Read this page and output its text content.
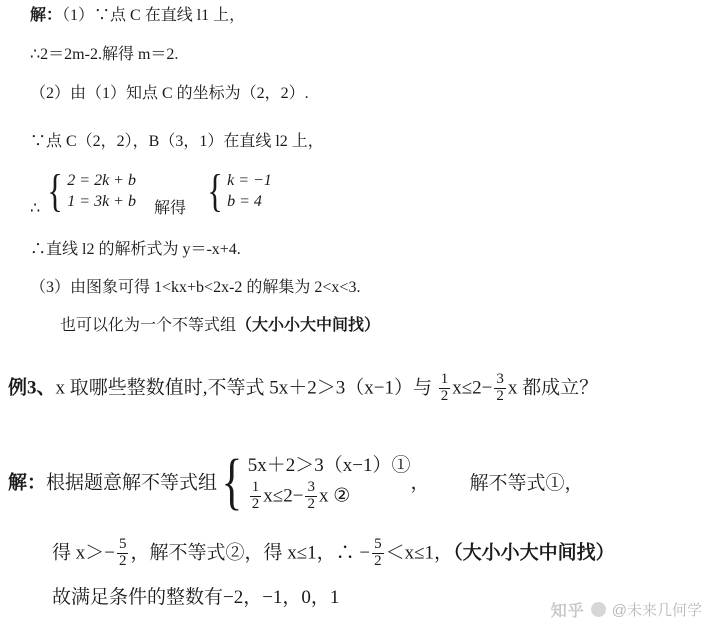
解：（1）∵点 C 在直线 l1 上，
∴2＝2m-2.解得 m＝2.
（2）由（1）知点 C 的坐标为（2，2）.
∵点 C（2，2），B（3，1）在直线 l2 上，
∴ { 2 = 2k + b
1 = 3k + b 解得 { k = −1
b = 4
∴直线 l2 的解析式为 y＝-x+4.
（3）由图象可得 1<kx+b<2x-2 的解集为 2<x<3.
也可以化为一个不等式组（大小小大中间找）
例3、x 取哪些整数值时,不等式 5x＋2＞3（x−1）与 $\frac{1}{2} x\le 2- \frac{3}{2}$ x 都成立？
解：根据题意解不等式组 { 5x＋2＞3（x−1）①
$\frac{1}{2} x\le 2- \frac{3}{2}$ x ②
， 解不等式①，
得 $x>- \frac{5}{2}$ ，解不等式②，得 x≤1，∴ − $\frac{5}{2} <x\le 1$，（大小小大中间找）
故满足条件的整数有−2，−1，0，1
知乎 @未来几何学
